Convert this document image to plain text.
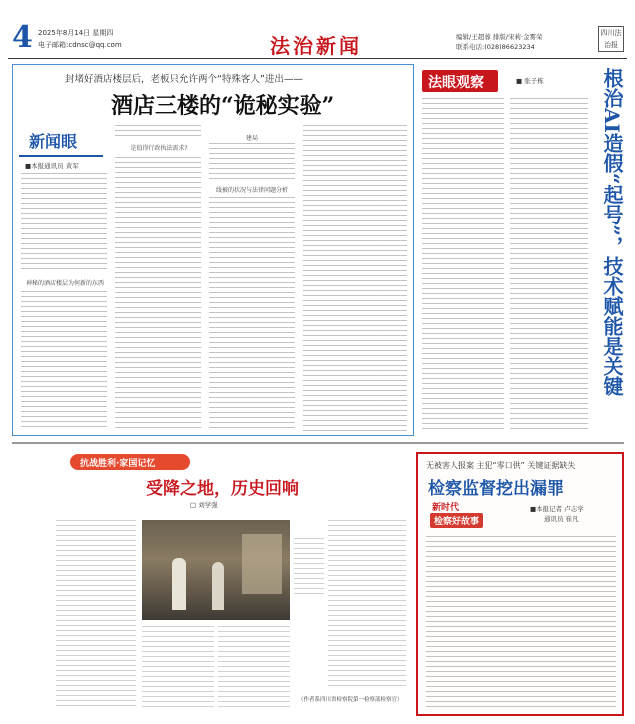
4 2025年8月14日 星期四
电子邮箱:cdnsc@qq.com	法治新闻	编辑/王超蓉 排版/宋莉·金雾荣
联系电话:(028)86623234
四川法治报
封堵好酒店楼层后，老板只允许两个“特殊客人”进出——
酒店三楼的“诡秘实验”
新闻眼
■本报通讯员 黄军
神秘的酒店楼层为何新的东西
是值得行政执法需求?
建局
线被的状况与法律问题分析
法眼观察	■ 张子栋	根治AI造假“起号”，技术赋能是关键
抗战胜利·家国记忆
受降之地，历史回响
□ 刘学强
（作者系四川省检察院第一检察部检察官）
无被害人报案 主犯“零口供” 关键证据缺失
检察监督挖出漏罪
新时代
检察好故事
■本报记者 卢志学
通讯员 崔凡
